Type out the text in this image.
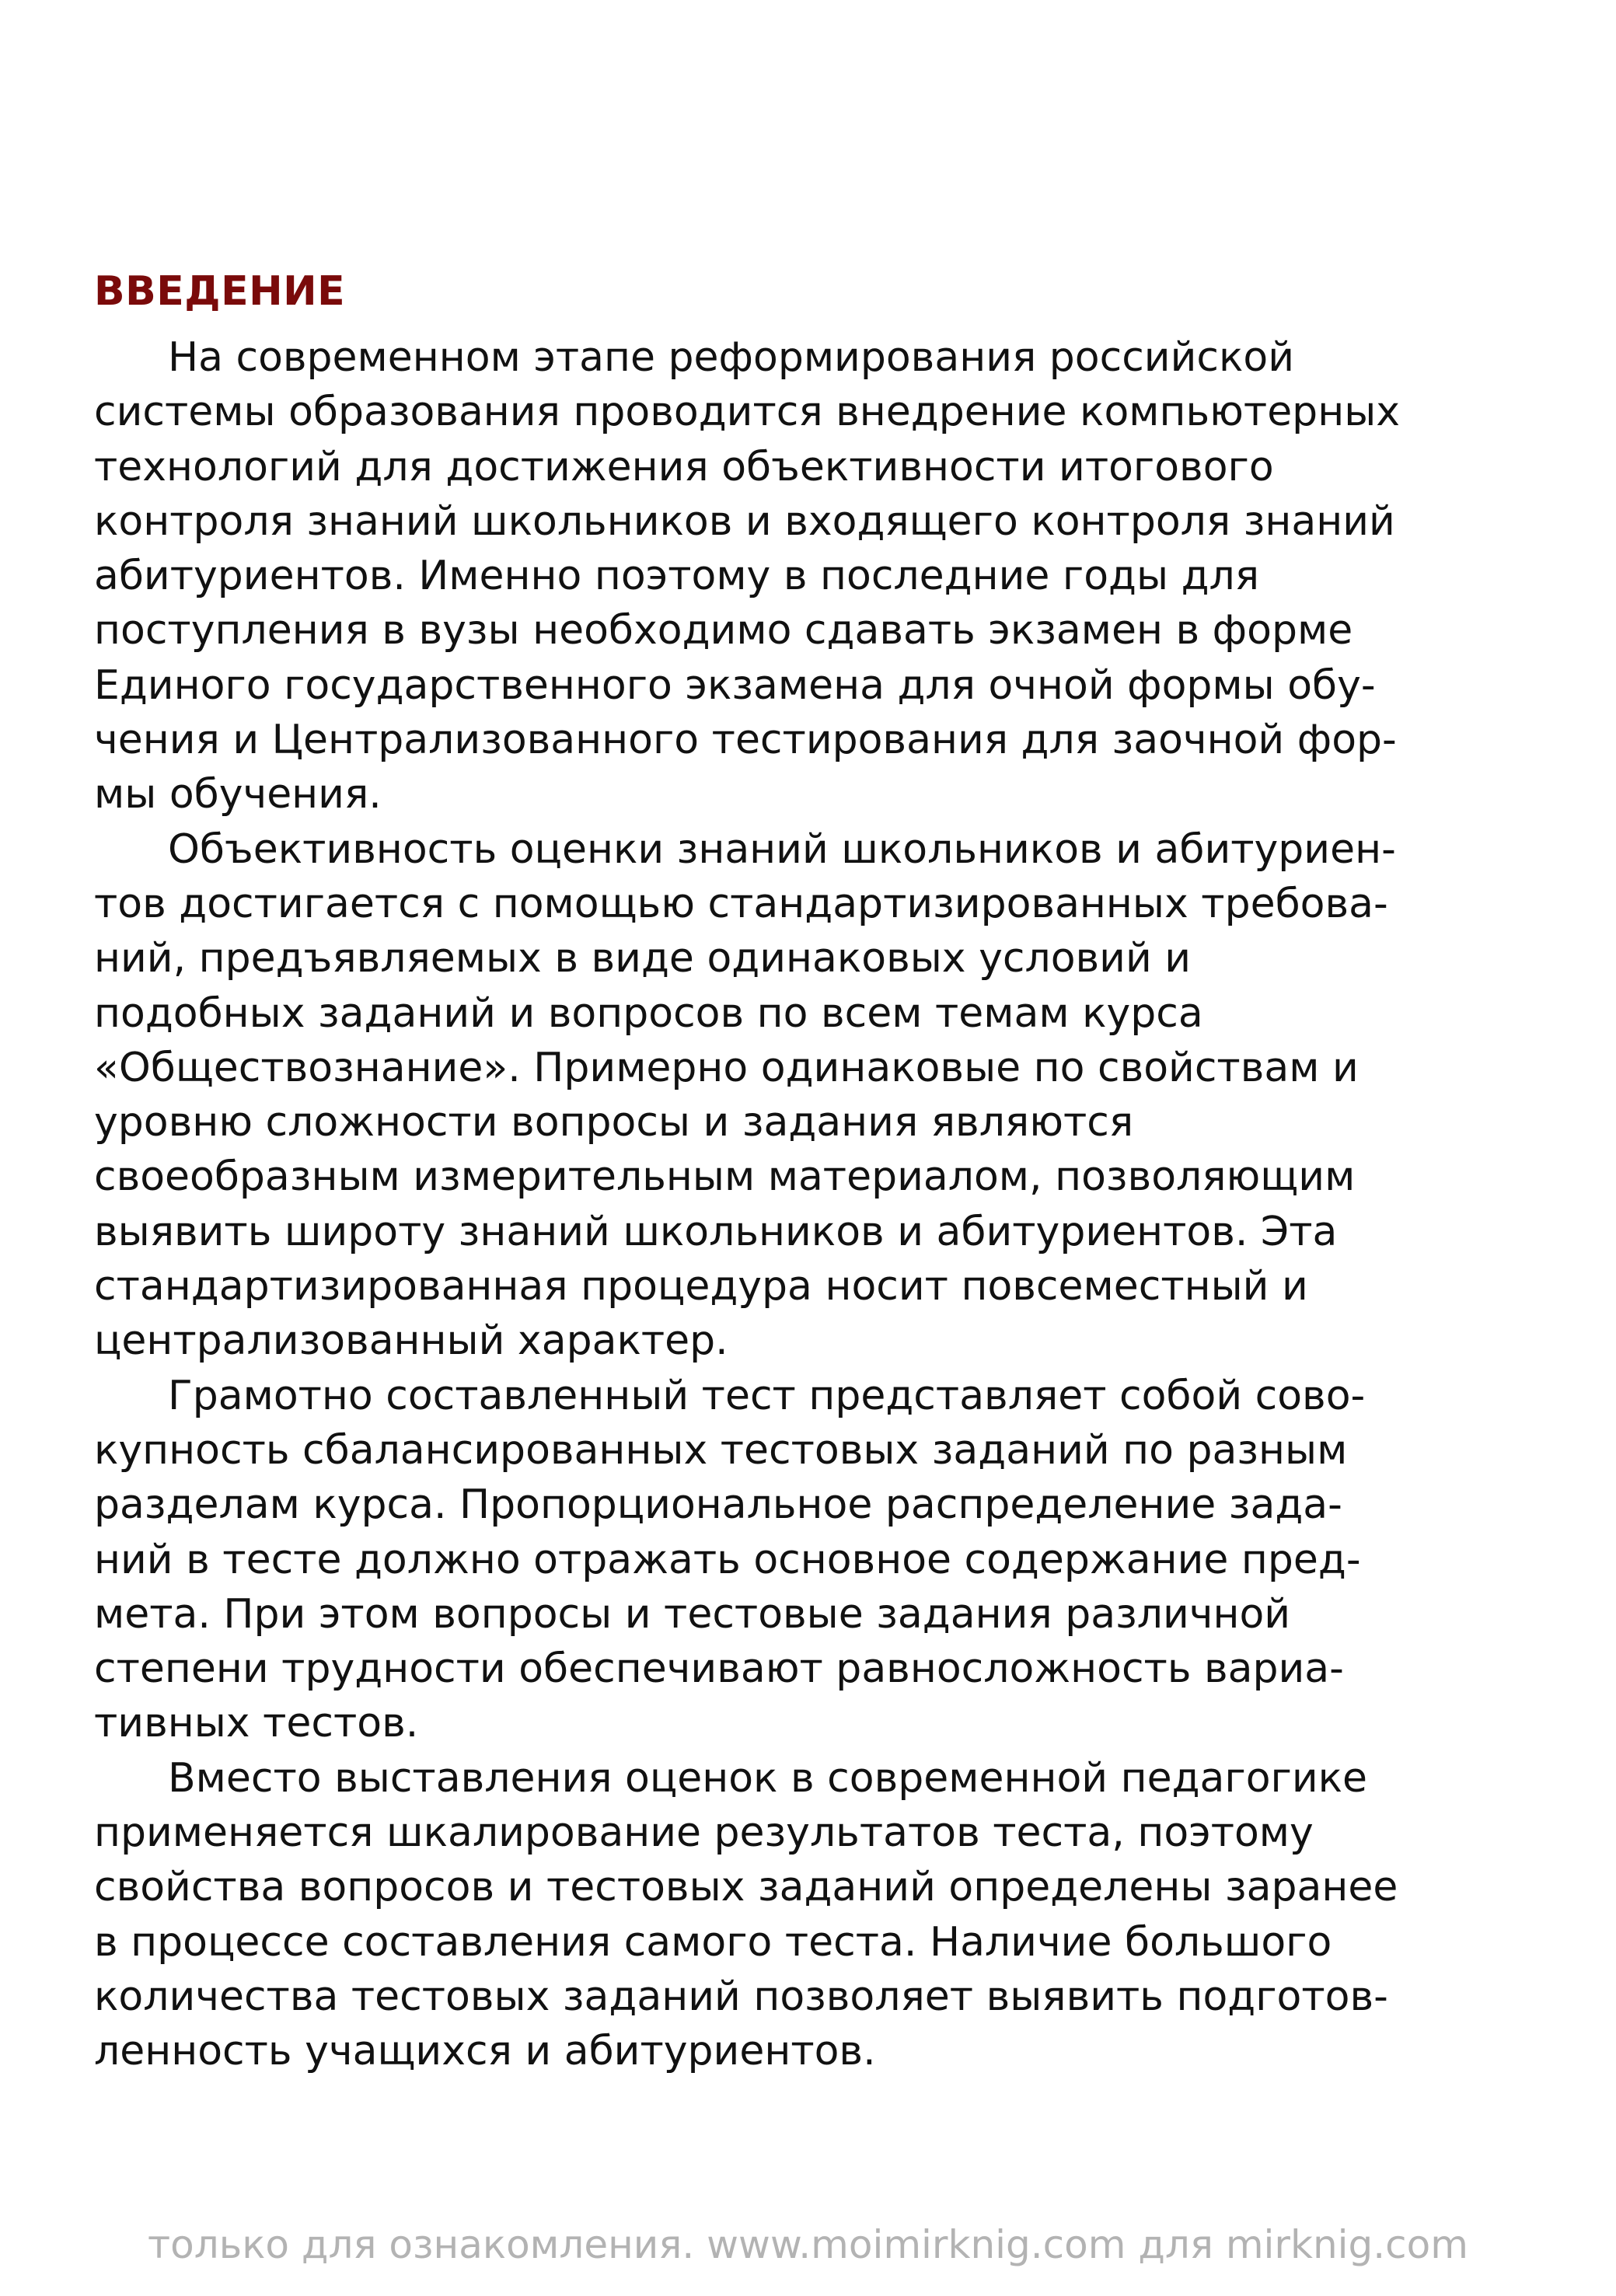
ВВЕДЕНИЕ
На современном этапе реформирования российской
системы образования проводится внедрение компьютерных
технологий для достижения объективности итогового
контроля знаний школьников и входящего контроля знаний
абитуриентов. Именно поэтому в последние годы для
поступления в вузы необходимо сдавать экзамен в форме
Единого государственного экзамена для очной формы обу-
чения и Централизованного тестирования для заочной фор-
мы обучения.
Объективность оценки знаний школьников и абитуриен-
тов достигается с помощью стандартизированных требова-
ний, предъявляемых в виде одинаковых условий и
подобных заданий и вопросов по всем темам курса
«Обществознание». Примерно одинаковые по свойствам и
уровню сложности вопросы и задания являются
своеобразным измерительным материалом, позволяющим
выявить широту знаний школьников и абитуриентов. Эта
стандартизированная процедура носит повсеместный и
централизованный характер.
Грамотно составленный тест представляет собой сово-
купность сбалансированных тестовых заданий по разным
разделам курса. Пропорциональное распределение зада-
ний в тесте должно отражать основное содержание пред-
мета. При этом вопросы и тестовые задания различной
степени трудности обеспечивают равносложность вариа-
тивных тестов.
Вместо выставления оценок в современной педагогике
применяется шкалирование результатов теста, поэтому
свойства вопросов и тестовых заданий определены заранее
в процессе составления самого теста. Наличие большого
количества тестовых заданий позволяет выявить подготов-
ленность учащихся и абитуриентов.
только для ознакомления. www.moimirknig.com для mirknig.com
